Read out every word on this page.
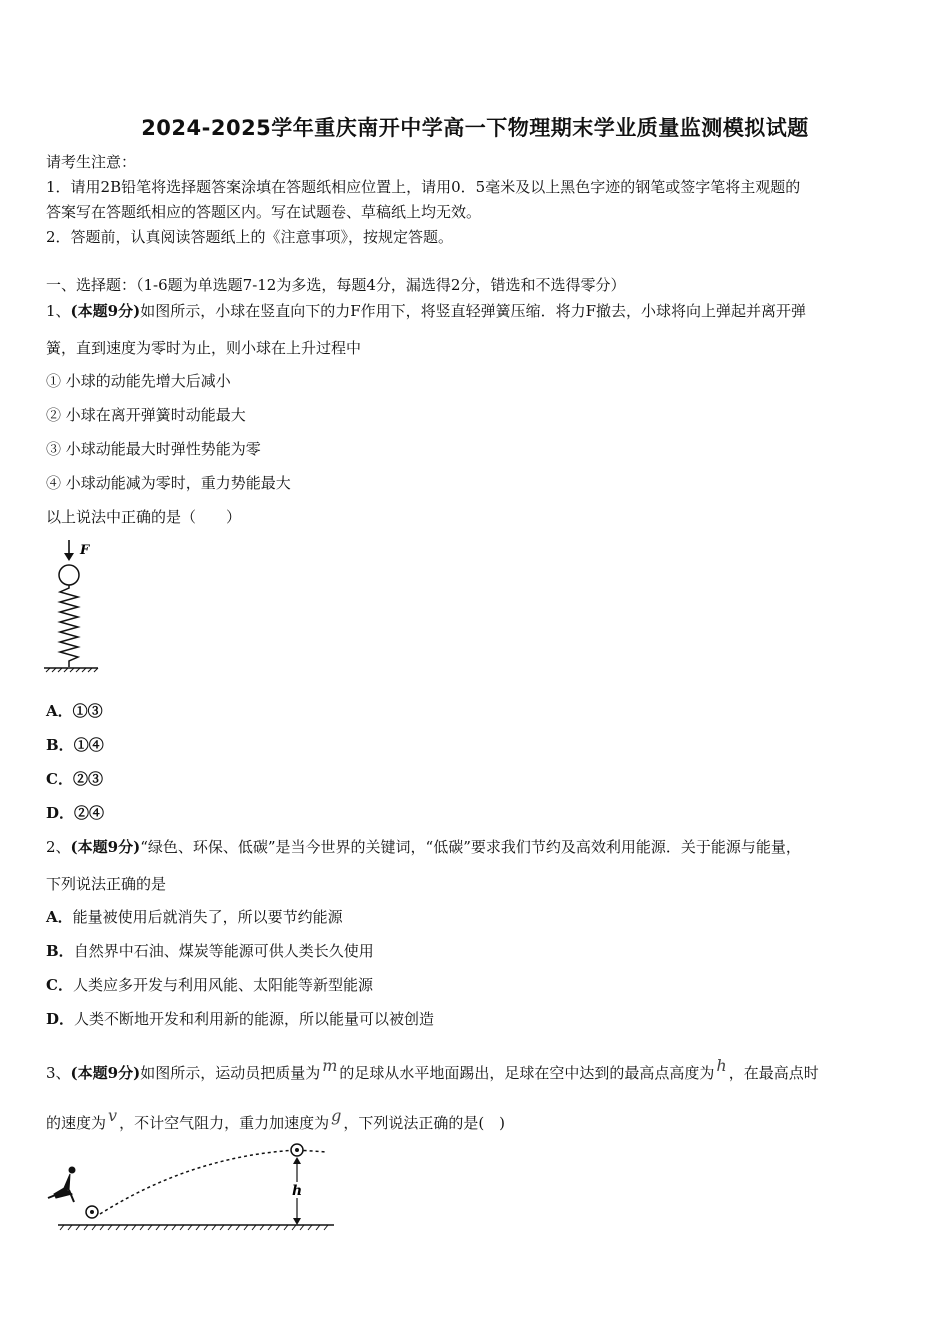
2024-2025学年重庆南开中学高一下物理期末学业质量监测模拟试题
请考生注意：
1．请用2B铅笔将选择题答案涂填在答题纸相应位置上，请用0．5毫米及以上黑色字迹的钢笔或签字笔将主观题的
答案写在答题纸相应的答题区内。写在试题卷、草稿纸上均无效。
2．答题前，认真阅读答题纸上的《注意事项》，按规定答题。
一、选择题：（1-6题为单选题7-12为多选，每题4分，漏选得2分，错选和不选得零分）
1、(本题9分)如图所示，小球在竖直向下的力F作用下，将竖直轻弹簧压缩．将力F撤去，小球将向上弹起并离开弹
簧，直到速度为零时为止，则小球在上升过程中
① 小球的动能先增大后减小
② 小球在离开弹簧时动能最大
③ 小球动能最大时弹性势能为零
④ 小球动能减为零时，重力势能最大
以上说法中正确的是（　　）
F
A．①③
B．①④
C．②③
D．②④
2、(本题9分)“绿色、环保、低碳”是当今世界的关键词，“低碳”要求我们节约及高效利用能源．关于能源与能量，
下列说法正确的是
A．能量被使用后就消失了，所以要节约能源
B．自然界中石油、煤炭等能源可供人类长久使用
C．人类应多开发与利用风能、太阳能等新型能源
D．人类不断地开发和利用新的能源，所以能量可以被创造
3、(本题9分)如图所示，运动员把质量为 m 的足球从水平地面踢出，足球在空中达到的最高点高度为 h ，在最高点时
的速度为 v ，不计空气阻力，重力加速度为 g ，下列说法正确的是(　)
h
